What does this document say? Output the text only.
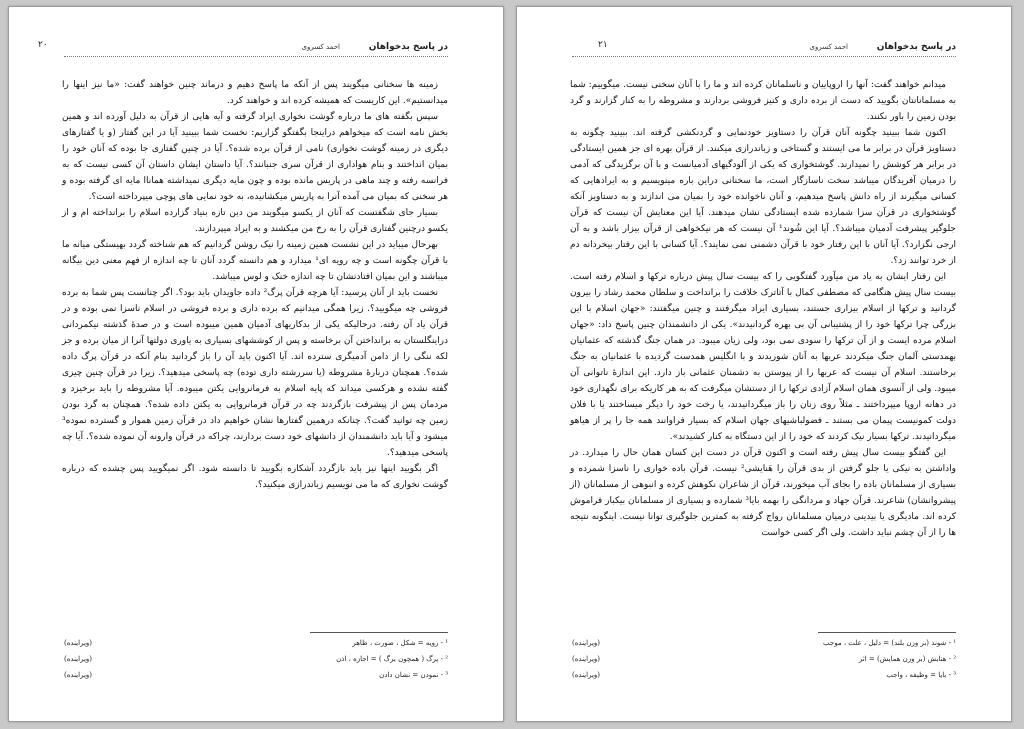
در پاسخ بدخواهان
احمد کسروی
۲۰

زمینه ها سخنانی میگویند پس از آنکه ما پاسخ دهیم و درماند چنین خواهند گفت: «ما نیز اینها را میدانستیم». این کاریست که همیشه کرده اند و خواهند کرد.

سپس بگفته های ما درباره گوشت نخواری ایراد گرفته و آیه هایی از قرآن به دلیل آورده اند و همین بخش نامه است که میخواهم دراینجا بگفتگو گزاریم: نخست شما ببینید آیا در این گفتار (و یا گفتارهای دیگری در زمینه گوشت نخواری) نامی از قرآن برده شده؟. آیا در چنین گفتاری جا بوده که آنان خود را بمیان انداختند و بنام هواداری از قرآن سری جنبانند؟. آیا داستان ایشان داستان آن کسی نیست که به فرانسه رفته و چند ماهی در پاریس مانده بوده و چون مایه دیگری نمیداشته هماناا مایه ای گرفته بوده و هر سخنی که بمیان می آمده آنرا به پاریس میکشانیده، به خود نمایی های پوچی میپرداخته است؟.

بسیار جای شگفتست که آنان از یکسو میگویند من دین تازه بنیاد گزارده اسلام را برانداخته ام و از یکسو درچنین گفتاری قرآن را به رخ من میکشند و به ایراد میپردازند.

بهرحال میباید در این نشست همین زمینه را نیک روشن گردانیم که هم شناخته گردد بهیستگی میانه ما با قرآن چگونه است و چه رویه ای¹ میدارد و هم دانسته گردد آنان تا چه اندازه از فهم معنی دین بیگانه میباشند و این بمیان افتادنشان تا چه اندازه خنک و لوس میباشد.

نخست باید از آنان پرسید: آیا هرچه قرآن پرگ² داده جاویدان باید بود؟. اگر چنانست پس شما به برده فروشی چه میگویید؟. زیرا همگی میدانیم که برده داری و برده فروشی در اسلام ناسزا نمی بوده و در قرآن یاد آن رفته. درحالیکه یکی از بدکاریهای آدمیان همین میبوده است و در صدۀ گذشته نیکمردانی دراینگلستان به برانداختن آن برخاسته و پس از کوششهای بسیاری به یاوری دولتها آنرا از میان برده و جز لکه ننگی را از دامن آدمیگری سترده اند. آیا اکنون باید آن را باز گردانید بنام آنکه در قرآن پرگ داده شده؟. همچنان دربارۀ مشروطه (یا سررشته داری توده) چه پاسخی میدهید؟. زیرا در قرآن چنین چیزی گفته نشده و هرکسی میداند که پایه اسلام به فرمانروایی یکتن میبوده. آیا مشروطه را باید برخیزد و مردمان پس از پیشرفت بازگردند چه در قرآن فرمانروایی به یکتن داده شده؟. همچنان به گرد بودن زمین چه توانید گفت؟. چنانکه درهمین گفتارها نشان خواهیم داد در قرآن زمین هموار و گسترده نموده³ میشود و آیا باید دانشمندان از دانشهای خود دست بردارند، چراکه در قرآن وارونه آن نموده شده؟. آیا چه پاسخی میدهید؟.

اگر بگویید اینها نیز باید بازگردد آشکاره بگویید تا دانسته شود. اگر نمیگویید پس چشده که درباره گوشت نخواری که ما می نویسیم زباندرازی میکنید؟.

¹ - رویه = شکل ، صورت ، ظاهر
(ویراینده)
² - پرگ ( همچون برگ ) = اجازه ، اذن
(ویراینده)
³ - نمودن = نشان دادن
(ویراینده)
در پاسخ بدخواهان
احمد کسروی
۲۱

میدانم خواهند گفت: آنها را اروپاییان و ناسلمانان کرده اند و ما را با آنان سخنی نیست. میگوییم: شما به مسلمانانتان بگویید که دست از برده داری و کنیز فروشی بردارند و مشروطه را به کنار گزارند و گرد بودن زمین را باور نکنند.

اکنون شما ببینید چگونه آنان قرآن را دستاویز خودنمایی و گردنکشی گرفته اند. ببینید چگونه به دستاویز قرآن در برابر ما می ایستند و گستاخی و زباندرازی میکنند. از قرآن بهره ای جز همین ایستادگی در برابر هر کوشش را نمیدارند. گوشتخواری که یکی از آلودگیهای آدمیانست و با آن برگزیدگی که آدمی را درمیان آفریدگان میباشد سخت ناسازگار است، ما سخنانی دراین باره مینویسیم و به ایرادهایی که کسانی میگیرند از راه دانش پاسخ میدهیم، و آنان ناخوانده خود را بمیان می اندازند و به دستاویز آنکه گوشتخواری در قرآن سزا شمارده شده ایستادگی نشان میدهند. آیا این معنایش آن نیست که قرآن جلوگیر پیشرفت آدمیان میباشد؟. آیا این شُوند¹ آن نیست که هر نیکخواهی از قرآن بیزار باشد و به آن ارجی نگزارد؟. آیا آنان با این رفتار خود با قرآن دشمنی نمی نمایند؟. آیا کسانی با این رفتار بیخردانه دم از خرد توانند زد؟.

این رفتار ایشان به یاد من میآورد گفتگویی را که بیست سال پیش درباره ترکها و اسلام رفته است. بیست سال پیش هنگامی که مصطفی کمال با آتاترک خلافت را برانداخت و سلطان محمد رشاد را بیرون گردانید و ترکها از اسلام بیزاری جستند، بسیاری ایراد میگرفتند و چنین میگفتند: «جهان اسلام با این بزرگی چرا ترکها خود را از پشتیبانی آن بی بهره گردانیدند». یکی از دانشمندان چنین پاسخ داد: «جهان اسلام مرده ایست و از آن ترکها را سودی نمی بود، ولی زیان میبود. در همان جنگ گذشته که عثمانیان بهمدستی آلمان جنگ میکردند عربها به آنان شوریدند و با انگلیس همدست گردیده با عثمانیان به جنگ برخاستند. اسلام آن نیست که عربها را از پیوستن به دشمنان عثمانی باز دارد. این اندازۀ ناتوانی آن میبود. ولی از آنسوی همان اسلام آزادی ترکها را از دستشان میگرفت که به هر کاریکه برای نگهداری خود در دهانه اروپا میپرداختند ـ مثلاً روی زنان را باز میگردانیدند، یا رخت خود را دیگر میساختند یا با فلان دولت کمونیست پیمان می بستند ـ فضولباشیهای جهان اسلام که بسیار فراوانند همه جا را پر از هیاهو میگردانیدند. ترکها بسیار نیک کردند که خود را از این دستگاه به کنار کشیدند».

این گفتگو بیست سال پیش رفته است و اکنون قرآن در دست این کسان همان حال را میدارد. در واداشتن به نیکی یا جلو گرفتن از بدی قرآن را هَنایشی² نیست. قرآن باده خواری را ناسزا شمرده و بسیاری از مسلمانان باده را بجای آب میخورند، قرآن از شاعران نکوهش کرده و انبوهی از مسلمانان (از پیشروانشان) شاعرند. قرآن جهاد و مردانگی را بهمه بایا³ شمارده و بسیاری از مسلمانان بیکبار فراموش کرده اند. مادیگری یا بیدینی درمیان مسلمانان رواج گرفته به کمترین جلوگیری توانا نیست. اینگونه نتیجه ها را از آن چشم نباید داشت. ولی اگر کسی خواست

¹ - شوند (بر وزن بلند) = دلیل ، علت ، موجب
(ویراینده)
² - هنایش (بر وزن همایش) = اثر
(ویراینده)
³ - بایا = وظیفه ، واجب
(ویراینده)
